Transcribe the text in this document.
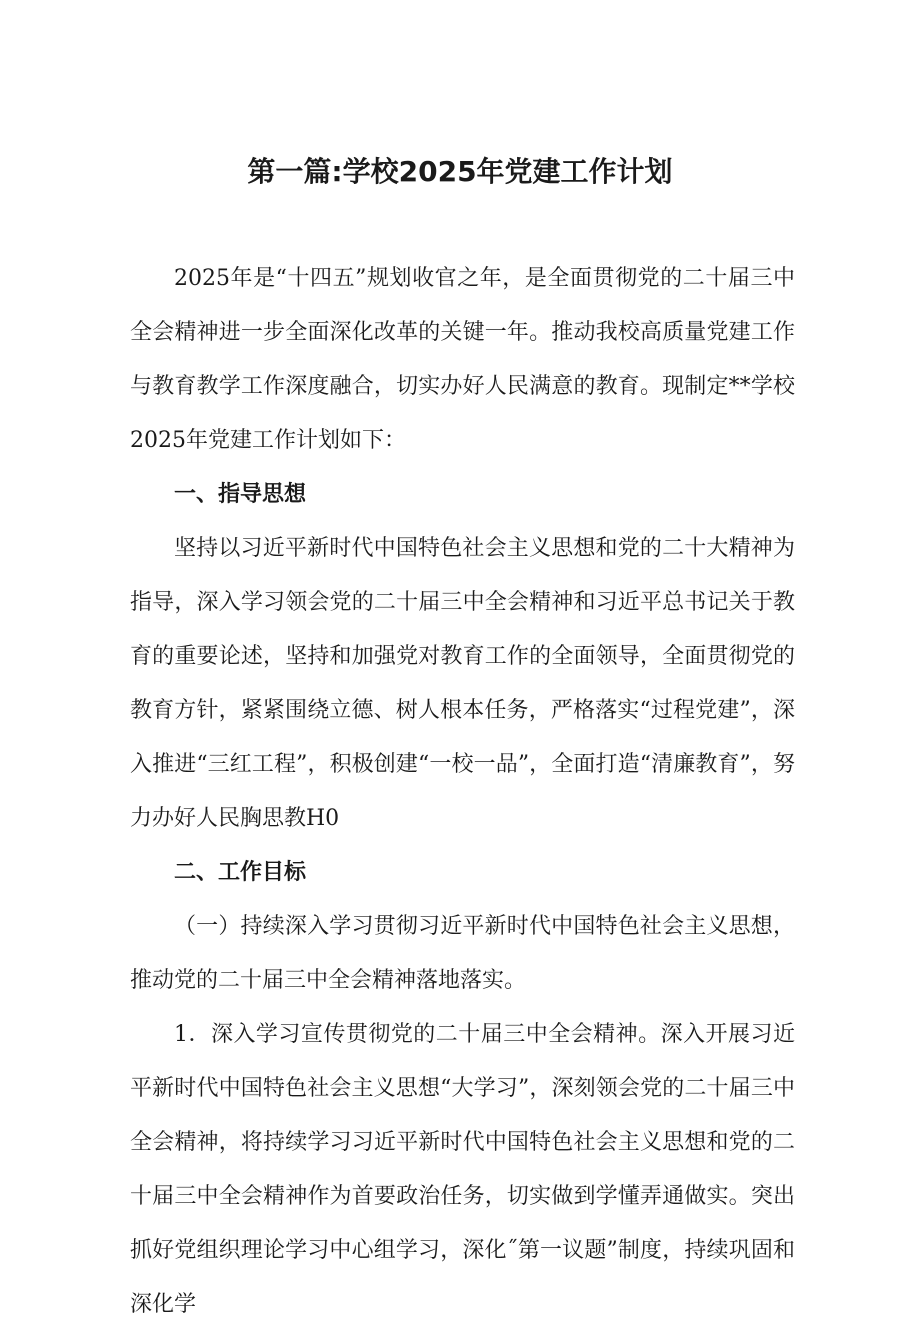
第一篇:学校2025年党建工作计划

2025年是“十四五”规划收官之年，是全面贯彻党的二十届三中全会精神进一步全面深化改革的关键一年。推动我校高质量党建工作与教育教学工作深度融合，切实办好人民满意的教育。现制定**学校2025年党建工作计划如下：

一、指导思想

坚持以习近平新时代中国特色社会主义思想和党的二十大精神为指导，深入学习领会党的二十届三中全会精神和习近平总书记关于教育的重要论述，坚持和加强党对教育工作的全面领导，全面贯彻党的教育方针，紧紧围绕立德、树人根本任务，严格落实“过程党建”，深入推进“三红工程”，积极创建“一校一品”，全面打造“清廉教育”，努力办好人民胸思教H0

二、工作目标

（一）持续深入学习贯彻习近平新时代中国特色社会主义思想，推动党的二十届三中全会精神落地落实。

1．深入学习宣传贯彻党的二十届三中全会精神。深入开展习近平新时代中国特色社会主义思想“大学习”，深刻领会党的二十届三中全会精神，将持续学习习近平新时代中国特色社会主义思想和党的二十届三中全会精神作为首要政治任务，切实做到学懂弄通做实。突出抓好党组织理论学习中心组学习，深化˝第一议题”制度，持续巩固和深化学
